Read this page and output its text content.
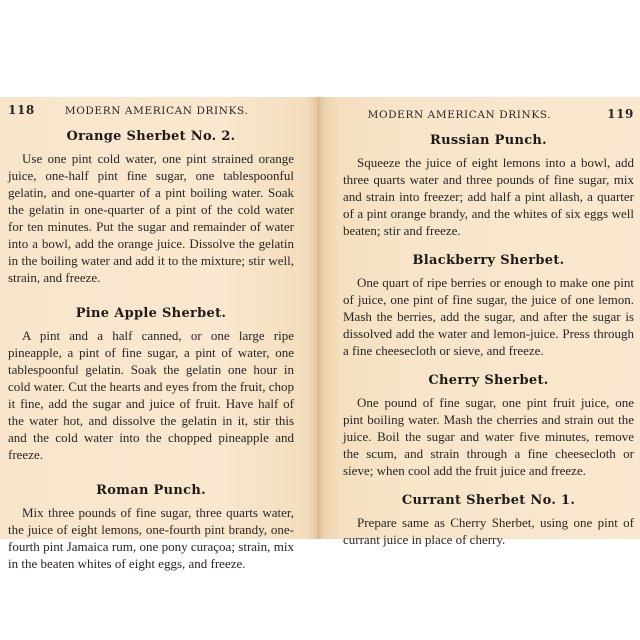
118	MODERN AMERICAN DRINKS.
Orange Sherbet No. 2.

Use one pint cold water, one pint strained orange juice, one-half pint fine sugar, one tablespoonful gelatin, and one-quarter of a pint boiling water. Soak the gelatin in one-quarter of a pint of the cold water for ten minutes. Put the sugar and remainder of water into a bowl, add the orange juice. Dissolve the gelatin in the boiling water and add it to the mixture; stir well, strain, and freeze.

Pine Apple Sherbet.

A pint and a half canned, or one large ripe pineapple, a pint of fine sugar, a pint of water, one tablespoonful gelatin. Soak the gelatin one hour in cold water. Cut the hearts and eyes from the fruit, chop it fine, add the sugar and juice of fruit. Have half of the water hot, and dissolve the gelatin in it, stir this and the cold water into the chopped pineapple and freeze.

Roman Punch.

Mix three pounds of fine sugar, three quarts water, the juice of eight lemons, one-fourth pint brandy, one-fourth pint Jamaica rum, one pony curaçoa; strain, mix in the beaten whites of eight eggs, and freeze.

MODERN AMERICAN DRINKS.	119
Russian Punch.

Squeeze the juice of eight lemons into a bowl, add three quarts water and three pounds of fine sugar, mix and strain into freezer; add half a pint allash, a quarter of a pint orange brandy, and the whites of six eggs well beaten; stir and freeze.

Blackberry Sherbet.

One quart of ripe berries or enough to make one pint of juice, one pint of fine sugar, the juice of one lemon. Mash the berries, add the sugar, and after the sugar is dissolved add the water and lemon-juice. Press through a fine cheesecloth or sieve, and freeze.

Cherry Sherbet.

One pound of fine sugar, one pint fruit juice, one pint boiling water. Mash the cherries and strain out the juice. Boil the sugar and water five minutes, remove the scum, and strain through a fine cheesecloth or sieve; when cool add the fruit juice and freeze.

Currant Sherbet No. 1.

Prepare same as Cherry Sherbet, using one pint of currant juice in place of cherry.
